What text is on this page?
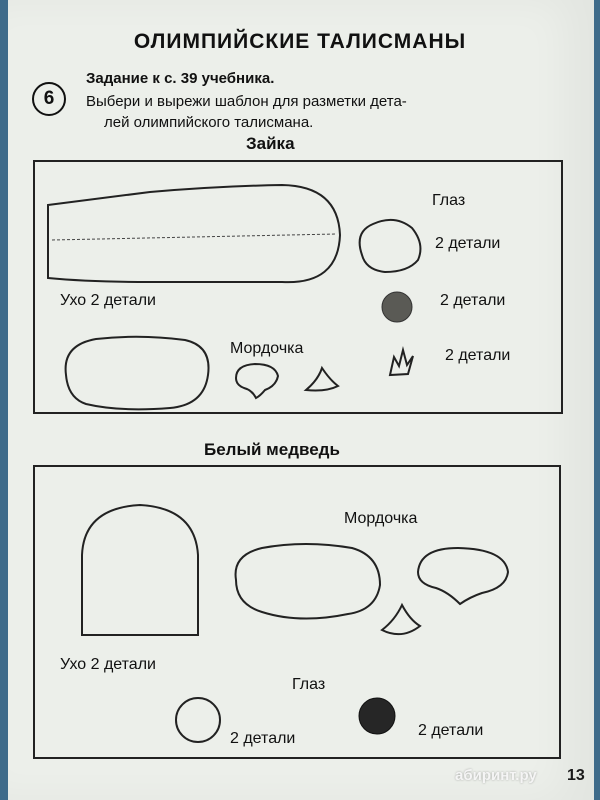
ОЛИМПИЙСКИЕ ТАЛИСМАНЫ
6
Задание к с. 39 учебника.
Выбери и вырежи шаблон для разметки дета-
лей олимпийского талисмана.
Зайка
Ухо 2 детали
Глаз
2 детали
2 детали
Мордочка	2 детали
Белый медведь
Мордочка
Ухо 2 детали
Глаз
2 детали	2 детали
абиринт.ру 13
